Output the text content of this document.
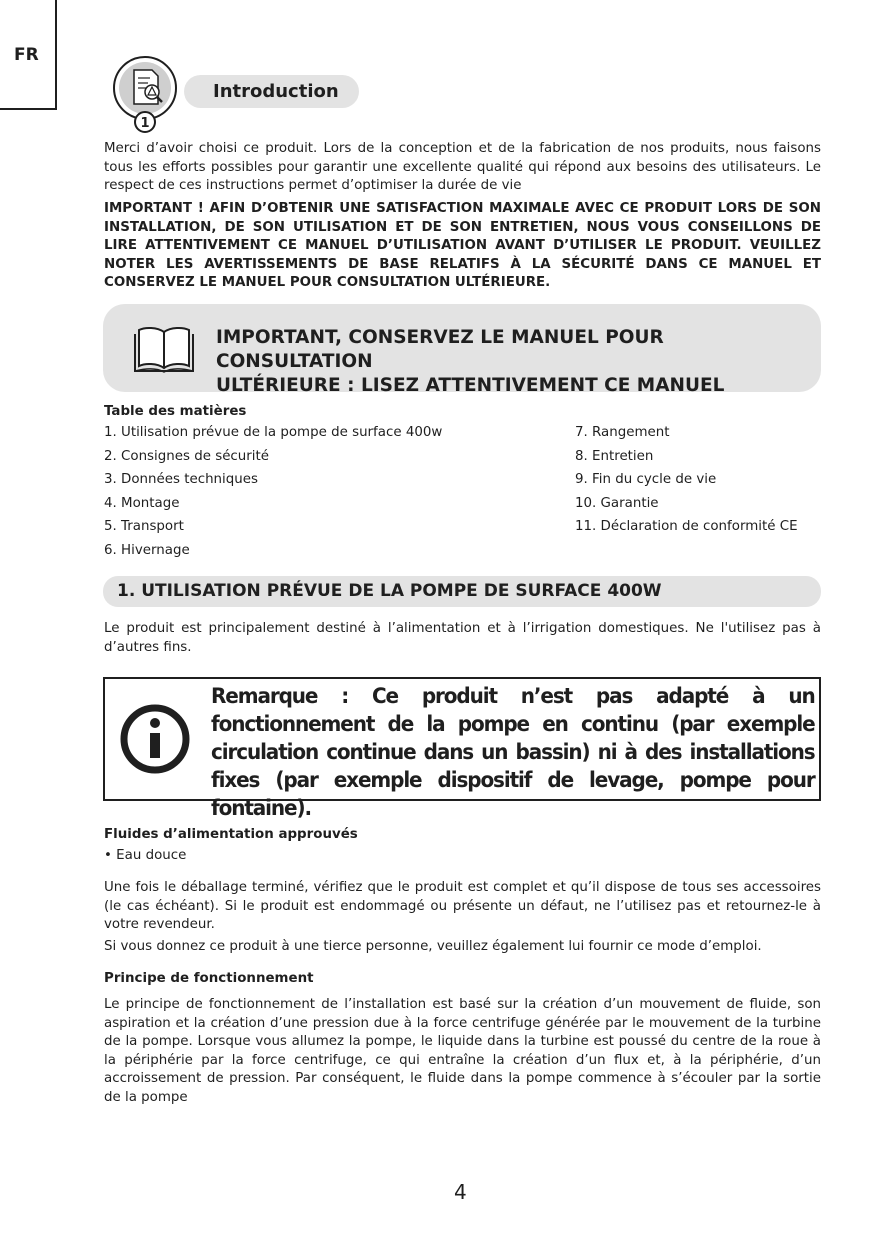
FR
1
Introduction

Merci d’avoir choisi ce produit. Lors de la conception et de la fabrication de nos produits, nous faisons tous les efforts possibles pour garantir une excellente qualité qui répond aux besoins des utilisateurs. Le respect de ces instructions permet d’optimiser la durée de vie

IMPORTANT ! AFIN D’OBTENIR UNE SATISFACTION MAXIMALE AVEC CE PRODUIT LORS DE SON INSTALLATION, DE SON UTILISATION ET DE SON ENTRETIEN, NOUS VOUS CONSEILLONS DE LIRE ATTENTIVEMENT CE MANUEL D’UTILISATION AVANT D’UTILISER LE PRODUIT. VEUILLEZ NOTER LES AVERTISSEMENTS DE BASE RELATIFS À LA SÉCURITÉ DANS CE MANUEL ET CONSERVEZ LE MANUEL POUR CONSULTATION ULTÉRIEURE.

IMPORTANT, CONSERVEZ LE MANUEL POUR CONSULTATION
ULTÉRIEURE : LISEZ ATTENTIVEMENT CE MANUEL
Table des matières
1. Utilisation prévue de la pompe de surface 400w
2. Consignes de sécurité
3. Données techniques
4. Montage
5. Transport
6. Hivernage
7. Rangement
8. Entretien
9. Fin du cycle de vie
10. Garantie
11. Déclaration de conformité CE
1. UTILISATION PRÉVUE DE LA POMPE DE SURFACE 400W

Le produit est principalement destiné à l’alimentation et à l’irrigation domestiques. Ne l'utilisez pas à d’autres fins.

Remarque : Ce produit n’est pas adapté à un fonctionnement de la pompe en continu (par exemple circulation continue dans un bassin) ni à des installations fixes (par exemple dispositif de levage, pompe pour fontaine).
Fluides d’alimentation approuvés
• Eau douce

Une fois le déballage terminé, vérifiez que le produit est complet et qu’il dispose de tous ses accessoires (le cas échéant). Si le produit est endommagé ou présente un défaut, ne l’utilisez pas et retournez-le à votre revendeur.

Si vous donnez ce produit à une tierce personne, veuillez également lui fournir ce mode d’emploi.

Principe de fonctionnement

Le principe de fonctionnement de l’installation est basé sur la création d’un mouvement de fluide, son aspiration et la création d’une pression due à la force centrifuge générée par le mouvement de la turbine de la pompe. Lorsque vous allumez la pompe, le liquide dans la turbine est poussé du centre de la roue à la périphérie par la force centrifuge, ce qui entraîne la création d’un flux et, à la périphérie, d’un accroissement de pression. Par conséquent, le fluide dans la pompe commence à s’écouler par la sortie de la pompe

4
